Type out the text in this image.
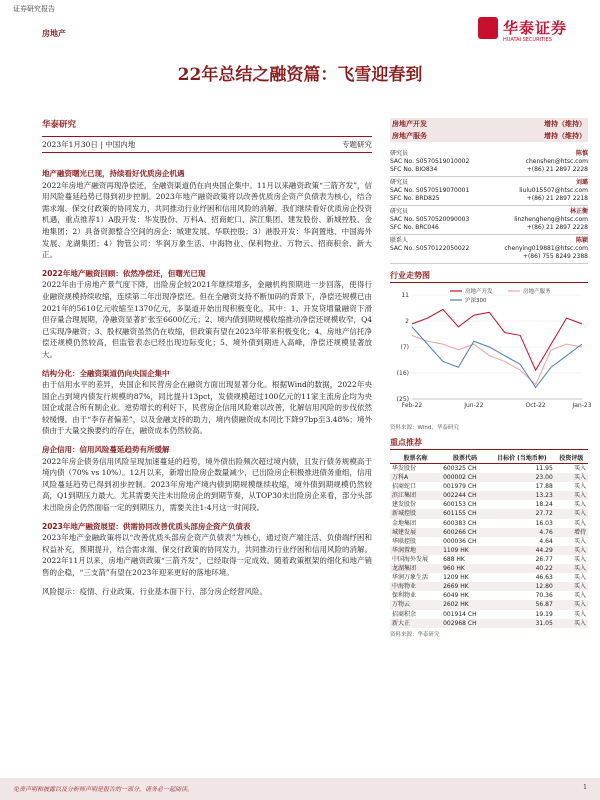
证券研究报告
房地产	华泰证券
HUATAI SECURITIES
22年总结之融资篇：飞雪迎春到
华泰研究
2023年1月30日 | 中国内地	专题研究
地产融资曙光已现，持续看好优质房企机遇

2022年房地产融资再现净偿还，全融资渠道仍在向央国企集中。11月以来融资政策“三箭齐发”，信用风险蔓延趋势已得到初步控制。2023年地产融资政策将以改善优质房企资产负债表为核心，结合需求端、保交付政策的协同发力，共同推动行业纾困和信用风险的消解。我们继续看好优质房企投资机遇，重点推荐1）A股开发：华发股份、万科A、招商蛇口、滨江集团、建发股份、新城控股、金地集团；2）具备资源整合空间的房企：城建发展、华联控股；3）港股开发：华润置地、中国海外发展、龙湖集团；4）物管公司：华润万象生活、中海物业、保利物业、万物云、招商积余、新大正。

2022年地产融资回顾：依然净偿还，但曙光已现

2022年由于房地产景气度下降，出险房企较2021年继续增多，金融机构预期进一步回落，使得行业融资规模持续收缩，连续第二年出现净偿还。但在全融资支持不断加码的背景下，净偿还规模已由2021年的5610亿元收缩至1370亿元，多渠道开始出现积极变化。其中：1、开发贷增量融资下滑但存量合理展期，净融资显著扩张至6600亿元；2、境内债到期规模收缩推动净偿还规模收窄，Q4已实现净融资；3、股权融资虽然仍在收缩，但政策有望在2023年带来积极变化；4、房地产信托净偿还规模仍然较高，但监管表态已经出现边际变化；5、境外债到期进入高峰，净偿还规模显著放大。

结构分化：全融资渠道仍向央国企集中

由于信用水平的差异，央国企和民营房企在融资方面出现显著分化。根据Wind的数据，2022年央国企占到境内债发行规模的87%，同比提升13pct，发债规模超过100亿元的11家主流房企均为央国企或混合所有制企业。逆势增长的利好下，民营房企信用风险难以改善，化解信用风险的步伐依然较缓慢。由于“李存者偏差”，以及金融支持的助力，境内债融资成本同比下降97bp至3.48%；境外债由于大量交换要约的存在，融资成本仍然较高。

房企信用：信用风险蔓延趋势有所缓解

2022年房企债务信用风险呈现加速蔓延的趋势，境外债出险频次超过境内债，且发行债务规模高于境内债（70% vs 10%）。12月以来，新增出险房企数量减少，已出险房企积极推进债务重组，信用风险蔓延趋势已得到初步控制。2023年房地产境内债到期规模继续收缩，境外债到期规模仍然较高，Q1到期压力最大。尤其需要关注未出险房企的到期节奏，从TOP30未出险房企来看，部分头部未出险房企仍然面临一定的到期压力，需要关注1-4月这一时间段。

2023年地产融资展望：供需协同改善优质头部房企资产负债表

2023年地产金融政策将以“改善优质头部房企资产负债表”为核心，通过资产端注活、负债端纾困和权益补充，预期提升，结合需求端、保交付政策的协同发力，共同推动行业纾困和信用风险的消解。2022年11月以来，房地产融资政策“三箭齐发”，已经取得一定成效。随着政策框架的细化和地产销售的企稳，“三支箭”有望在2023年迎来更好的落地环境。

风险提示：疫情、行业政策、行业基本面下行、部分房企经营风险。

房地产开发	增持（维持）
房地产服务	增持（维持）
研究员	陈慎
SAC No. S0570519010002	chenshen@htsc.com
SFC No. BIO834	+(86) 21 2897 2228
研究员	刘璐
SAC No. S0570519070001	liulu015507@htsc.com
SFC No. BRD825	+(86) 21 2897 2218
研究员	林正衡
SAC No. S0570520090003	linzhengheng@htsc.com
SFC No. BRC046	+(86) 21 2897 2228
联系人	陈颖
SAC No. S0570122050022	chenying019881@htsc.com
+(86) 755 8249 2388
行业走势图
11
2
(7)
(16)
(25)
Feb-22	Jun-22	Oct-22	Jan-23
房地产开发	房地产服务
沪深300
资料来源：Wind，华泰研究
重点推荐
股票名称	股票代码	目标价 (当地币种)	投资评级
华发股份	600325 CH	11.95	买入
万科A	000002 CH	23.00	买入
招商蛇口	001979 CH	17.88	买入
滨江集团	002244 CH	13.23	买入
建发股份	600153 CH	18.24	买入
新城控股	601155 CH	27.72	买入
金地集团	600383 CH	16.03	买入
城建发展	600266 CH	4.76	增持
华联控股	000036 CH	4.64	买入
华润置地	1109 HK	44.29	买入
中国海外发展	688 HK	26.77	买入
龙湖集团	960 HK	40.22	买入
华润万象生活	1209 HK	46.63	买入
中海物业	2669 HK	12.80	买入
保利物业	6049 HK	70.36	买入
万物云	2602 HK	56.87	买入
招商积余	001914 CH	19.19	买入
新大正	002968 CH	31.05	买入
资料来源：华泰研究
免责声明和披露以及分析师声明是报告的一部分，请务必一起阅读。	1
